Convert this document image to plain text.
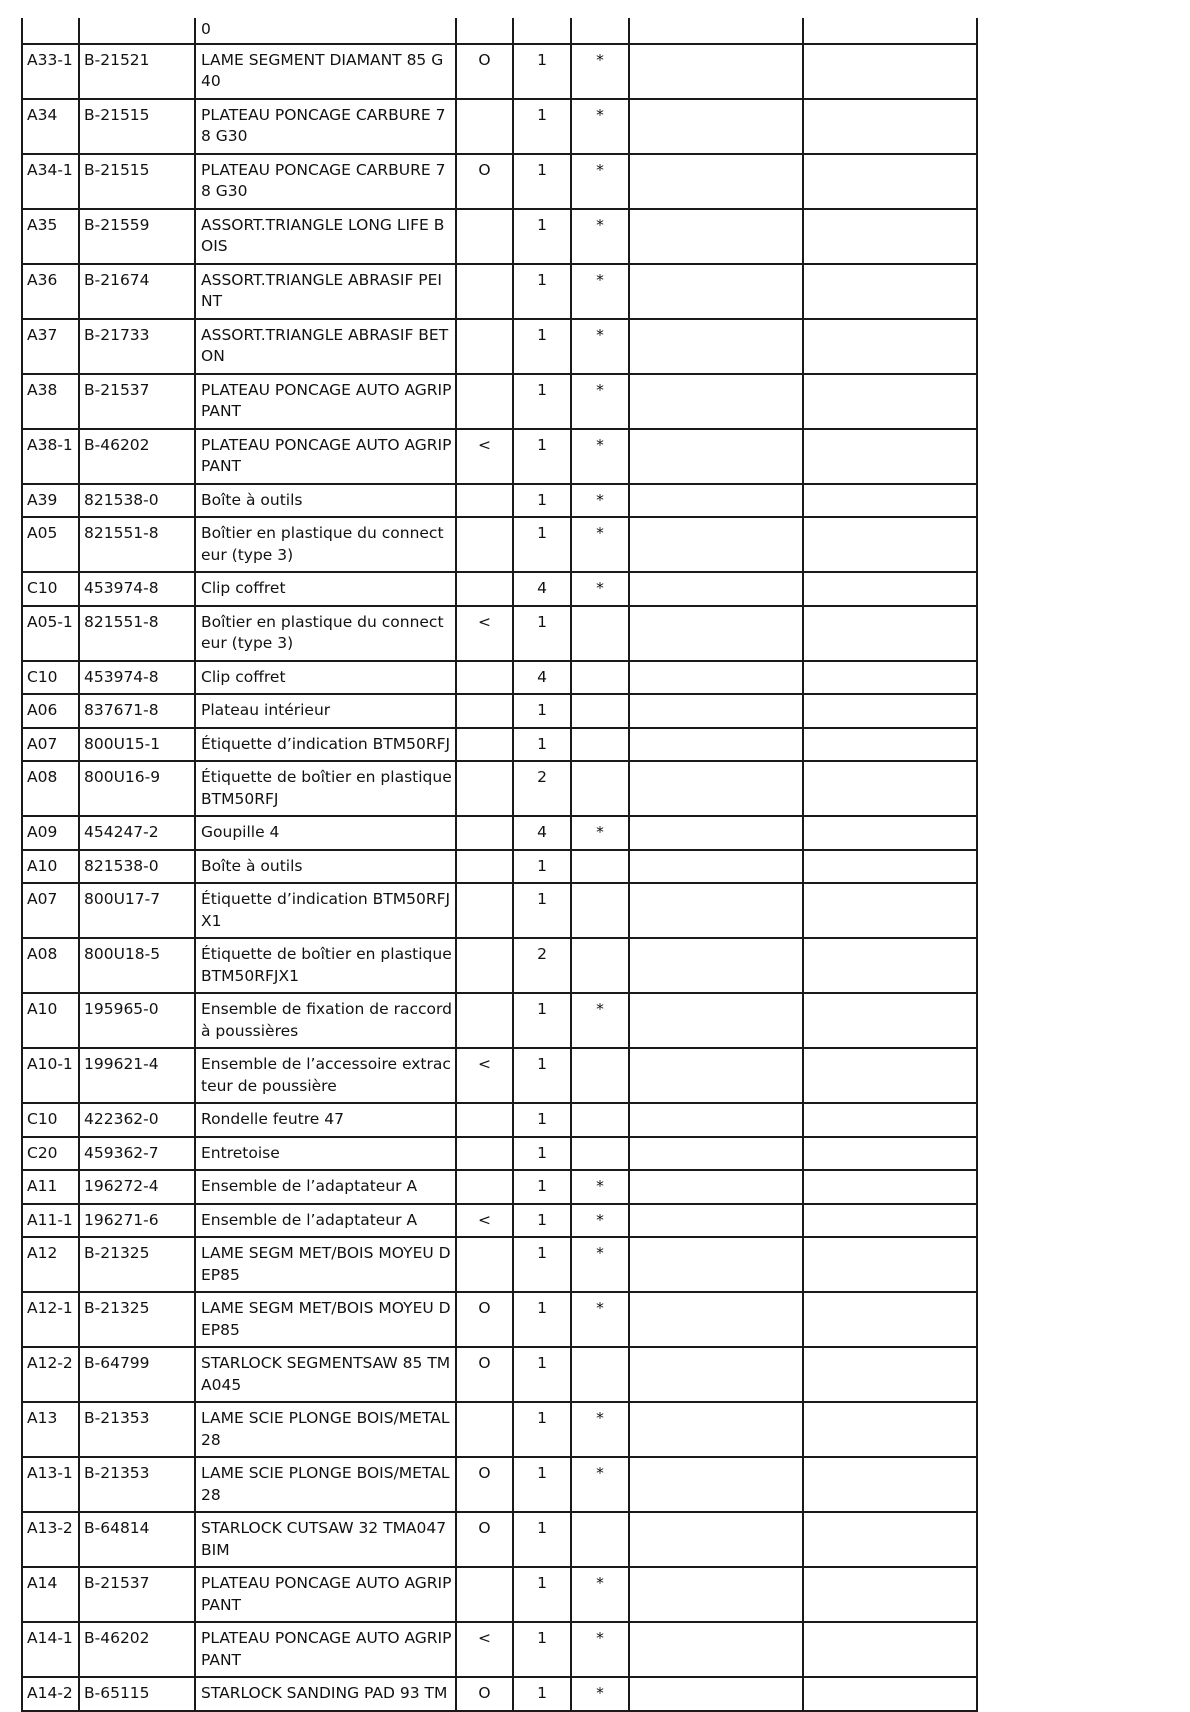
		0					
A33-1	B-21521	LAME SEGMENT DIAMANT 85 G40	O	1	*		
A34	B-21515	PLATEAU PONCAGE CARBURE 78 G30		1	*		
A34-1	B-21515	PLATEAU PONCAGE CARBURE 78 G30	O	1	*		
A35	B-21559	ASSORT.TRIANGLE LONG LIFE BOIS		1	*		
A36	B-21674	ASSORT.TRIANGLE ABRASIF PEINT		1	*		
A37	B-21733	ASSORT.TRIANGLE ABRASIF BETON		1	*		
A38	B-21537	PLATEAU PONCAGE AUTO AGRIPPANT		1	*		
A38-1	B-46202	PLATEAU PONCAGE AUTO AGRIPPANT	<	1	*		
A39	821538-0	Boîte à outils		1	*		
A05	821551-8	Boîtier en plastique du connecteur (type 3)		1	*		
C10	453974-8	Clip coffret		4	*		
A05-1	821551-8	Boîtier en plastique du connecteur (type 3)	<	1			
C10	453974-8	Clip coffret		4			
A06	837671-8	Plateau intérieur		1			
A07	800U15-1	Étiquette d’indication BTM50RFJ		1			
A08	800U16-9	Étiquette de boîtier en plastique BTM50RFJ		2			
A09	454247-2	Goupille 4		4	*		
A10	821538-0	Boîte à outils		1			
A07	800U17-7	Étiquette d’indication BTM50RFJX1		1			
A08	800U18-5	Étiquette de boîtier en plastique BTM50RFJX1		2			
A10	195965-0	Ensemble de fixation de raccord à poussières		1	*		
A10-1	199621-4	Ensemble de l’accessoire extracteur de poussière	<	1			
C10	422362-0	Rondelle feutre 47		1			
C20	459362-7	Entretoise		1			
A11	196272-4	Ensemble de l’adaptateur A		1	*		
A11-1	196271-6	Ensemble de l’adaptateur A	<	1	*		
A12	B-21325	LAME SEGM MET/BOIS MOYEU DEP85		1	*		
A12-1	B-21325	LAME SEGM MET/BOIS MOYEU DEP85	O	1	*		
A12-2	B-64799	STARLOCK SEGMENTSAW 85 TMA045	O	1			
A13	B-21353	LAME SCIE PLONGE BOIS/METAL 28		1	*		
A13-1	B-21353	LAME SCIE PLONGE BOIS/METAL 28	O	1	*		
A13-2	B-64814	STARLOCK CUTSAW 32 TMA047BIM	O	1			
A14	B-21537	PLATEAU PONCAGE AUTO AGRIPPANT		1	*		
A14-1	B-46202	PLATEAU PONCAGE AUTO AGRIPPANT	<	1	*		
A14-2	B-65115	STARLOCK SANDING PAD 93 TM	O	1	*		
